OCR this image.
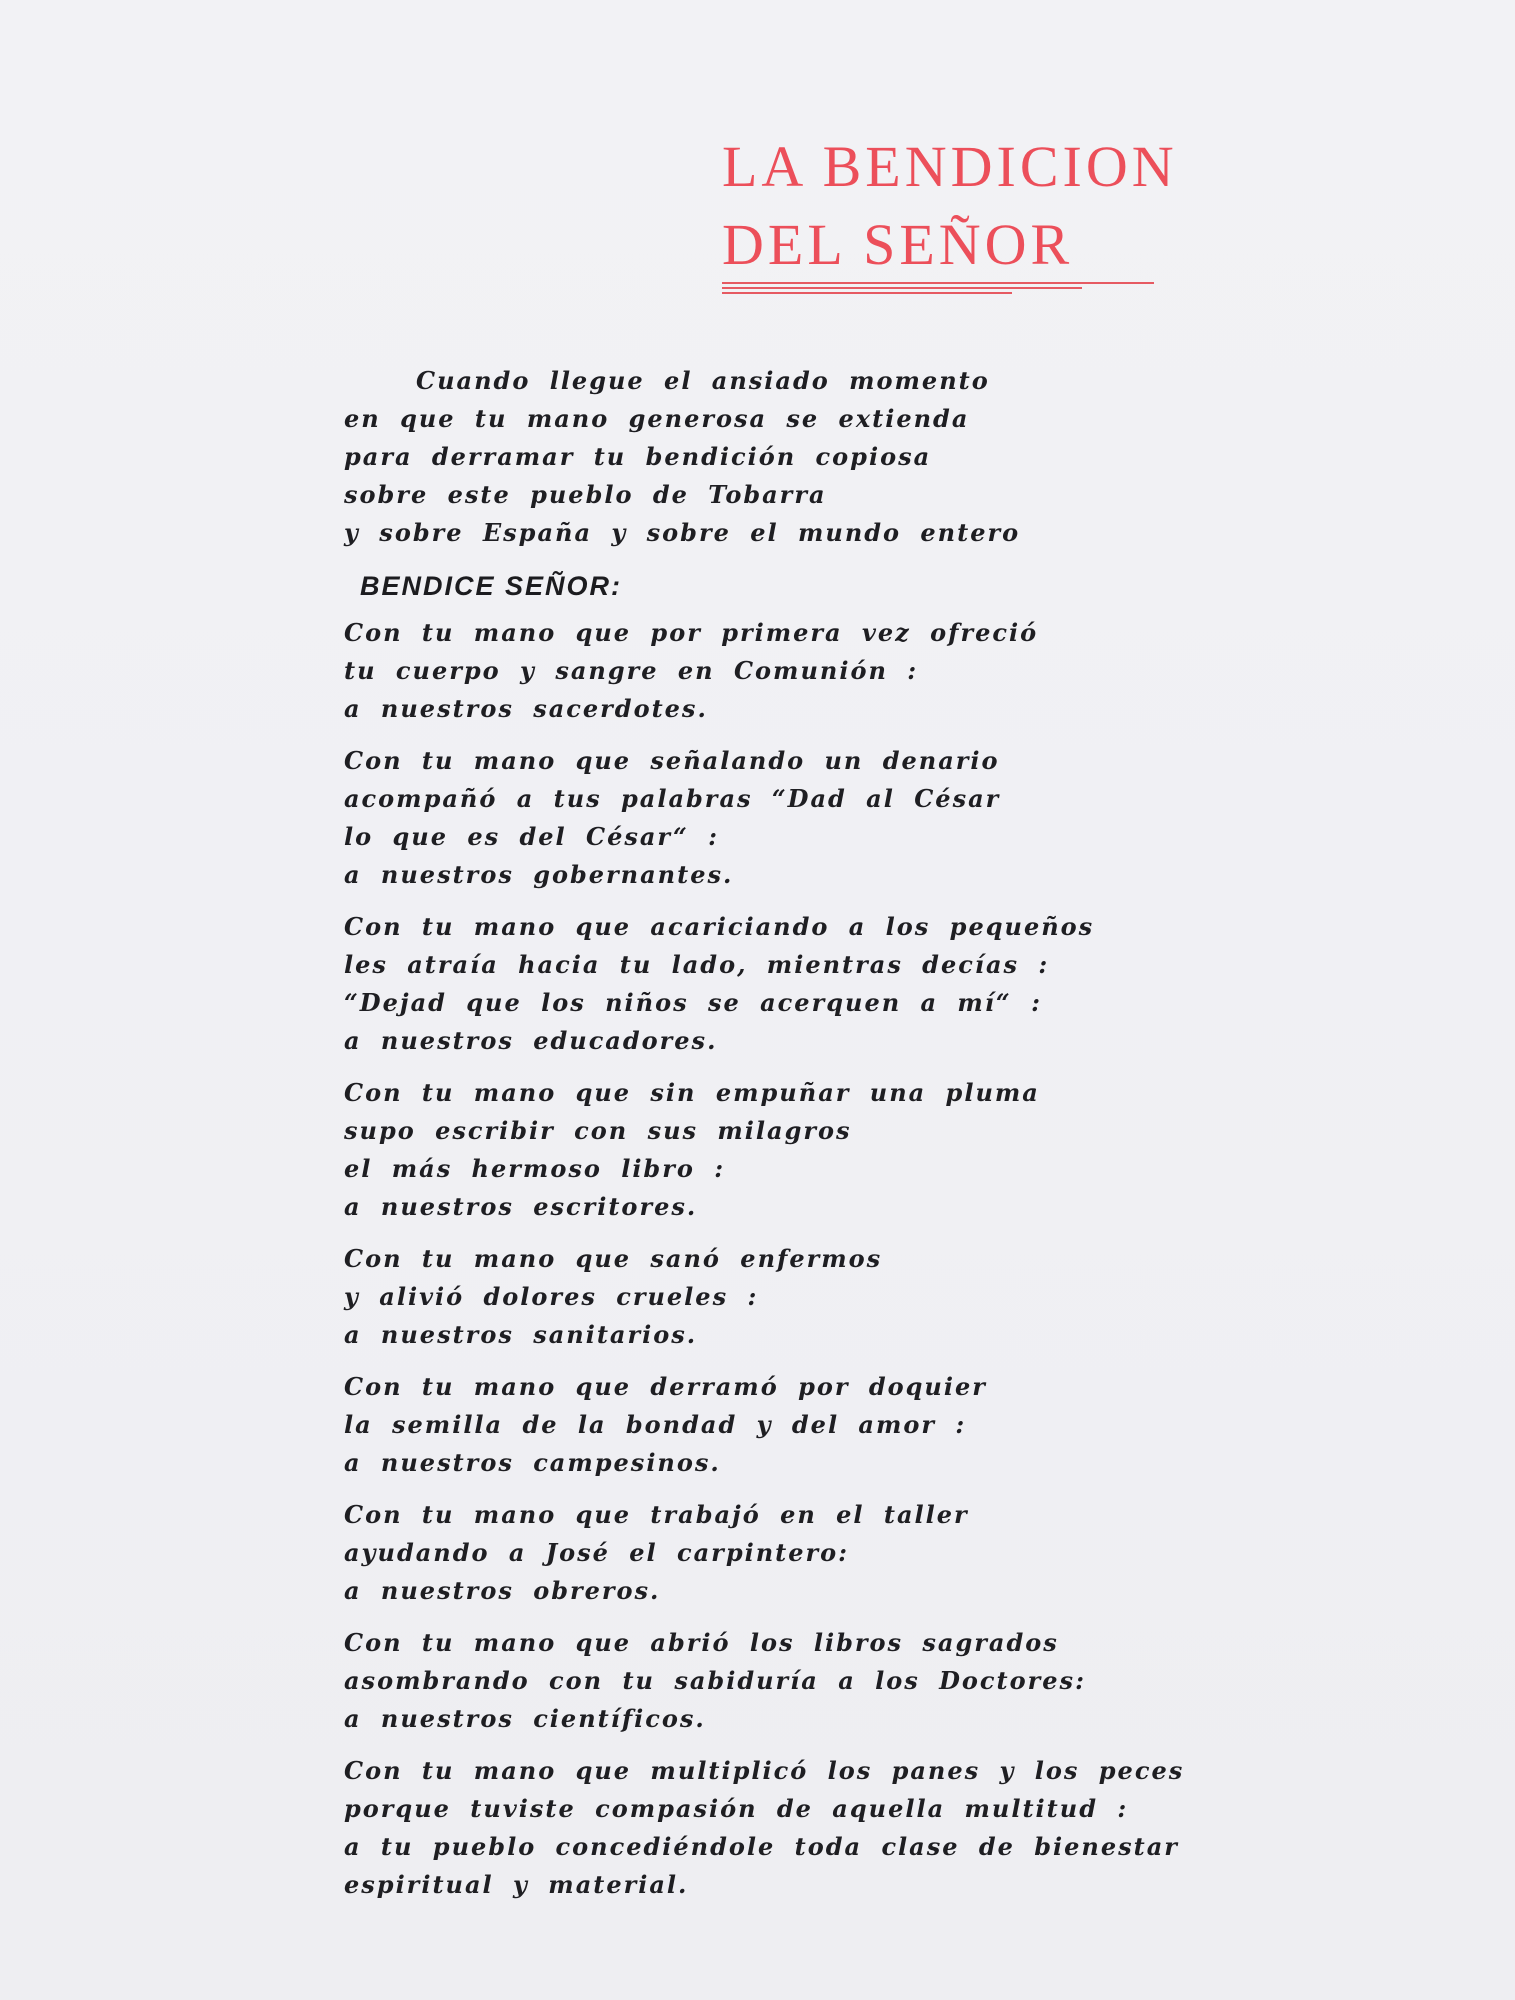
LA BENDICION
DEL SEÑOR
Cuando llegue el ansiado momento
en que tu mano generosa se extienda
para derramar tu bendición copiosa
sobre este pueblo de Tobarra
y sobre España y sobre el mundo entero
BENDICE SEÑOR:
Con tu mano que por primera vez ofreció
tu cuerpo y sangre en Comunión :
a nuestros sacerdotes.
Con tu mano que señalando un denario
acompañó a tus palabras “Dad al César
lo que es del César“ :
a nuestros gobernantes.
Con tu mano que acariciando a los pequeños
les atraía hacia tu lado, mientras decías :
“Dejad que los niños se acerquen a mí“ :
a nuestros educadores.
Con tu mano que sin empuñar una pluma
supo escribir con sus milagros
el más hermoso libro :
a nuestros escritores.
Con tu mano que sanó enfermos
y alivió dolores crueles :
a nuestros sanitarios.
Con tu mano que derramó por doquier
la semilla de la bondad y del amor :
a nuestros campesinos.
Con tu mano que trabajó en el taller
ayudando a José el carpintero:
a nuestros obreros.
Con tu mano que abrió los libros sagrados
asombrando con tu sabiduría a los Doctores:
a nuestros científicos.
Con tu mano que multiplicó los panes y los peces
porque tuviste compasión de aquella multitud :
a tu pueblo concediéndole toda clase de bienestar
espiritual y material.
